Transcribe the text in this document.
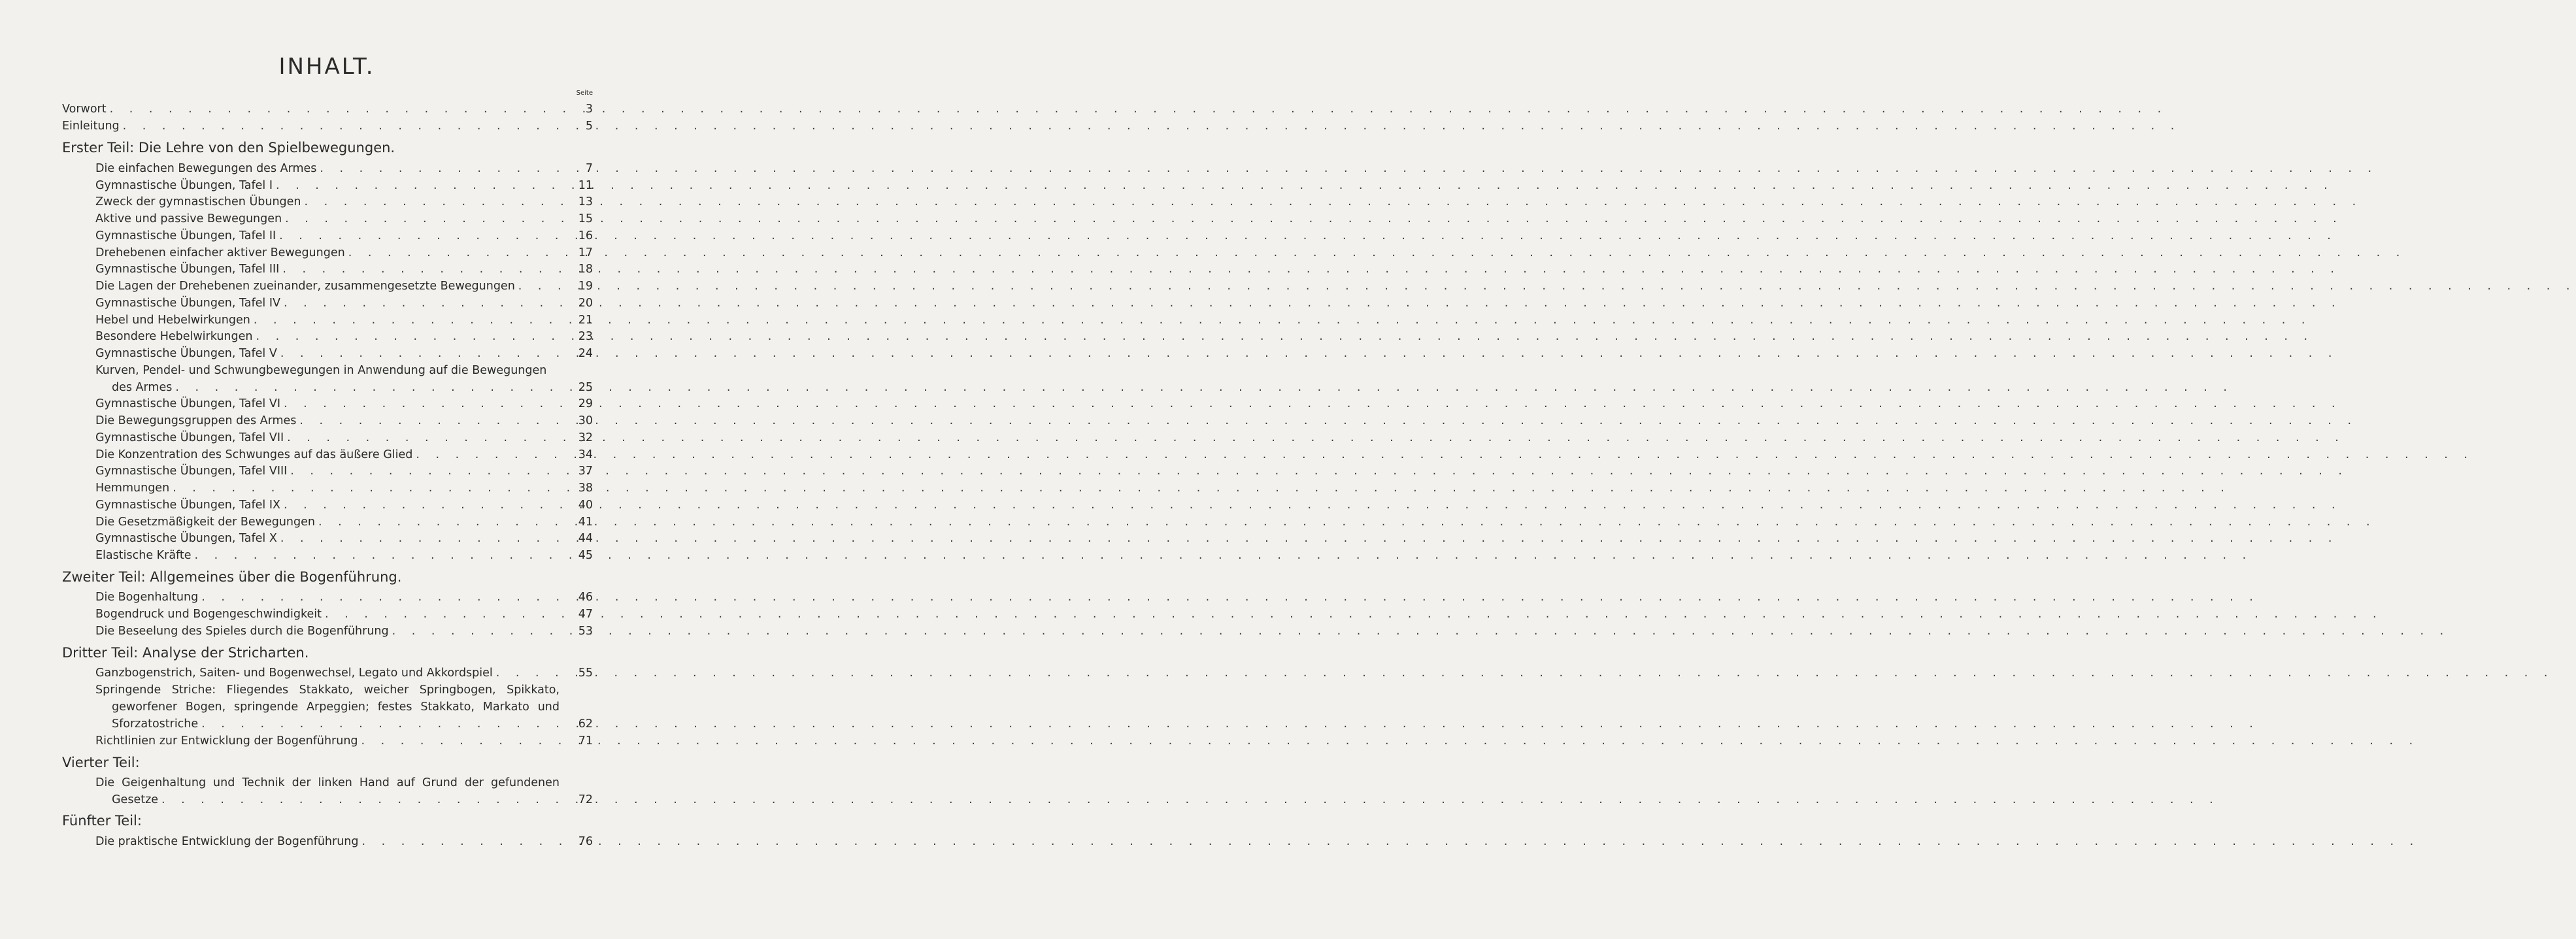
INHALT.
Seite
Vorwort . . .	3
Einleitung . . .	5
Erster Teil: Die Lehre von den Spielbewegungen.
Die einfachen Bewegungen des Armes . . .	7
Gymnastische Übungen, Tafel I . . .	11
Zweck der gymnastischen Übungen . . .	13
Aktive und passive Bewegungen . . .	15
Gymnastische Übungen, Tafel II . . .	16
Drehebenen einfacher aktiver Bewegungen . . .	17
Gymnastische Übungen, Tafel III . . .	18
Die Lagen der Drehebenen zueinander, zusammengesetzte Bewegungen . . .	19
Gymnastische Übungen, Tafel IV . . .	20
Hebel und Hebelwirkungen . . .	21
Besondere Hebelwirkungen . . .	23
Gymnastische Übungen, Tafel V . . .	24
Kurven, Pendel- und Schwungbewegungen in Anwendung auf die Bewegungen
des Armes . . .	25
Gymnastische Übungen, Tafel VI . . .	29
Die Bewegungsgruppen des Armes . . .	30
Gymnastische Übungen, Tafel VII . . .	32
Die Konzentration des Schwunges auf das äußere Glied . . .	34
Gymnastische Übungen, Tafel VIII . . .	37
Hemmungen . . .	38
Gymnastische Übungen, Tafel IX . . .	40
Die Gesetzmäßigkeit der Bewegungen . . .	41
Gymnastische Übungen, Tafel X . . .	44
Elastische Kräfte . . .	45
Zweiter Teil: Allgemeines über die Bogenführung.
Die Bogenhaltung . . .	46
Bogendruck und Bogengeschwindigkeit . . .	47
Die Beseelung des Spieles durch die Bogenführung . . .	53
Dritter Teil: Analyse der Stricharten.
Ganzbogenstrich, Saiten- und Bogenwechsel, Legato und Akkordspiel . . .	55
Springende Striche: Fliegendes Stakkato, weicher Springbogen, Spikkato,
geworfener Bogen, springende Arpeggien; festes Stakkato, Markato und
Sforzatostriche . . .	62
Richtlinien zur Entwicklung der Bogenführung . . .	71
Vierter Teil:
Die Geigenhaltung und Technik der linken Hand auf Grund der gefundenen
Gesetze . . .	72
Fünfter Teil:
Die praktische Entwicklung der Bogenführung . . .	76
